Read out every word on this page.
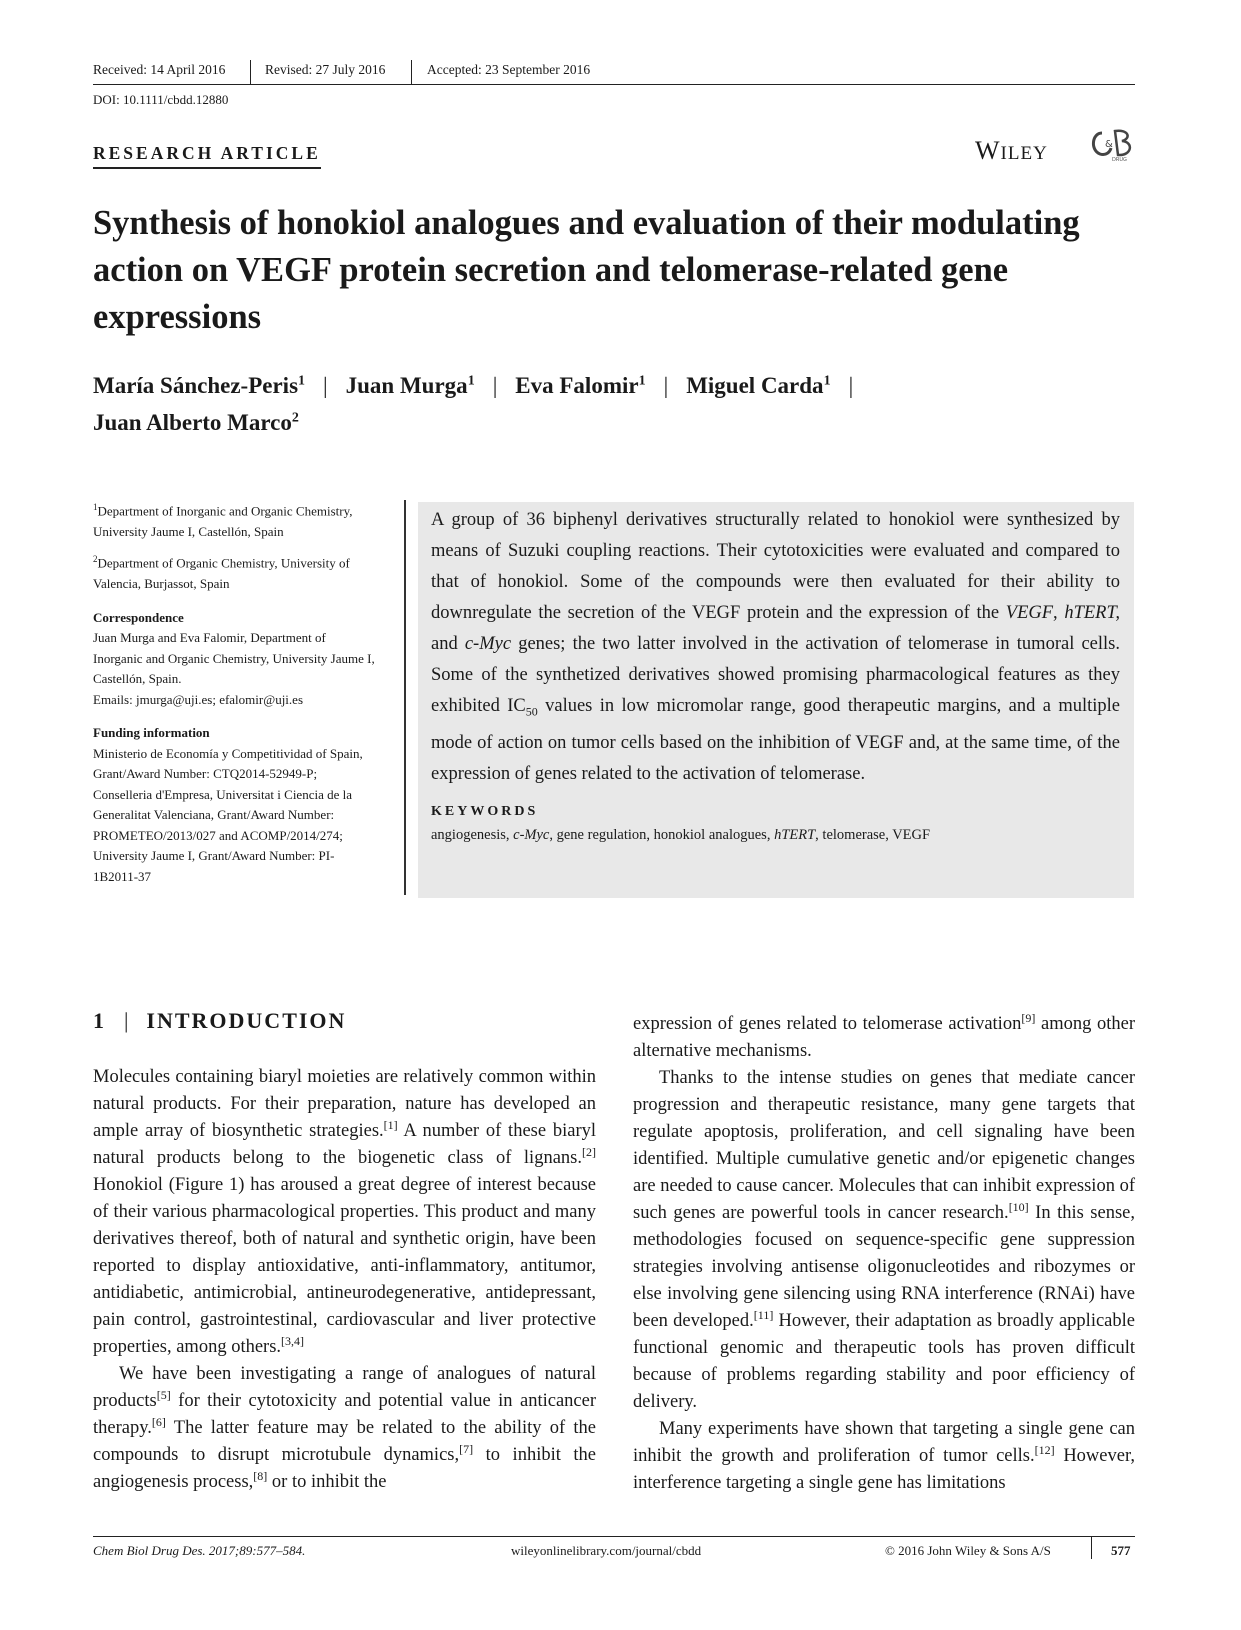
Received: 14 April 2016	Revised: 27 July 2016	Accepted: 23 September 2016
DOI: 10.1111/cbdd.12880
RESEARCH ARTICLE	WILEY	&
DRUG
Synthesis of honokiol analogues and evaluation of their modulating action on VEGF protein secretion and telomerase-related gene expressions
María Sánchez-Peris$^1$ | Juan Murga$^1$ | Eva Falomir$^1$ | Miguel Carda$^1$ |
Juan Alberto Marco$^2$

$^1$Department of Inorganic and Organic Chemistry, University Jaume I, Castellón, Spain

$^2$Department of Organic Chemistry, University of Valencia, Burjassot, Spain

Correspondence

Juan Murga and Eva Falomir, Department of Inorganic and Organic Chemistry, University Jaume I, Castellón, Spain.

Emails: jmurga@uji.es; efalomir@uji.es

Funding information

Ministerio de Economía y Competitividad of Spain, Grant/Award Number: CTQ2014-52949-P; Conselleria d'Empresa, Universitat i Ciencia de la Generalitat Valenciana, Grant/Award Number: PROMETEO/2013/027 and ACOMP/2014/274; University Jaume I, Grant/Award Number: PI-1B2011-37

A group of 36 biphenyl derivatives structurally related to honokiol were synthesized by means of Suzuki coupling reactions. Their cytotoxicities were evaluated and compared to that of honokiol. Some of the compounds were then evaluated for their ability to downregulate the secretion of the VEGF protein and the expression of the VEGF, hTERT, and c-Myc genes; the two latter involved in the activation of telomerase in tumoral cells. Some of the synthetized derivatives showed promising pharmacological features as they exhibited $IC_{50}$ values in low micromolar range, good therapeutic margins, and a multiple mode of action on tumor cells based on the inhibition of VEGF and, at the same time, of the expression of genes related to the activation of telomerase.

KEYWORDS

angiogenesis, c-Myc, gene regulation, honokiol analogues, hTERT, telomerase, VEGF

1 | INTRODUCTION

Molecules containing biaryl moieties are relatively common within natural products. For their preparation, nature has developed an ample array of biosynthetic strategies.[1] A number of these biaryl natural products belong to the biogenetic class of lignans.[2] Honokiol (Figure 1) has aroused a great degree of interest because of their various pharmacological properties. This product and many derivatives thereof, both of natural and synthetic origin, have been reported to display antioxidative, anti-inflammatory, antitumor, antidiabetic, antimicrobial, antineurodegenerative, antidepressant, pain control, gastrointestinal, cardiovascular and liver protective properties, among others.[3,4]

We have been investigating a range of analogues of natural products[5] for their cytotoxicity and potential value in anticancer therapy.[6] The latter feature may be related to the ability of the compounds to disrupt microtubule dynamics,[7] to inhibit the angiogenesis process,[8] or to inhibit the

expression of genes related to telomerase activation[9] among other alternative mechanisms.

Thanks to the intense studies on genes that mediate cancer progression and therapeutic resistance, many gene targets that regulate apoptosis, proliferation, and cell signaling have been identified. Multiple cumulative genetic and/or epigenetic changes are needed to cause cancer. Molecules that can inhibit expression of such genes are powerful tools in cancer research.[10] In this sense, methodologies focused on sequence-specific gene suppression strategies involving antisense oligonucleotides and ribozymes or else involving gene silencing using RNA interference (RNAi) have been developed.[11] However, their adaptation as broadly applicable functional genomic and therapeutic tools has proven difficult because of problems regarding stability and poor efficiency of delivery.

Many experiments have shown that targeting a single gene can inhibit the growth and proliferation of tumor cells.[12] However, interference targeting a single gene has limitations

Chem Biol Drug Des. 2017;89:577–584.	wileyonlinelibrary.com/journal/cbdd	© 2016 John Wiley & Sons A/S	577
